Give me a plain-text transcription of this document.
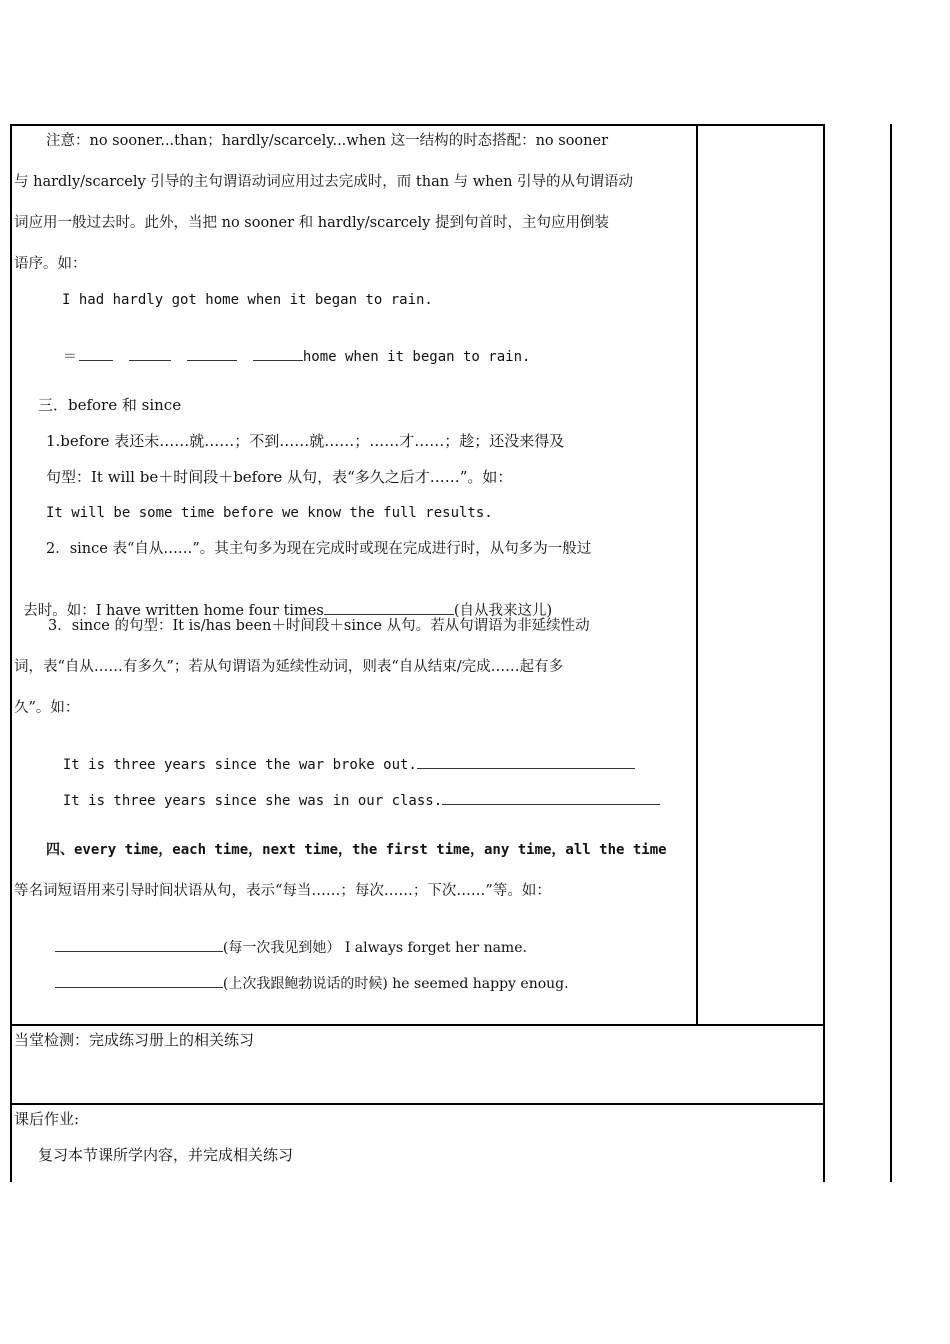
注意：no sooner...than；hardly/scarcely...when 这一结构的时态搭配：no sooner
与 hardly/scarcely 引导的主句谓语动词应用过去完成时，而 than 与 when 引导的从句谓语动
词应用一般过去时。此外，当把 no sooner 和 hardly/scarcely 提到句首时，主句应用倒装
语序。如：
I had hardly got home when it began to rain.

＝	home when it began to rain.

三．before 和 since
1.before 表还未……就……；不到……就……；……才……；趁；还没来得及
句型：It will be＋时间段＋before 从句，表“多久之后才……”。如：
It will be some time before we know the full results.
2．since 表“自从……”。其主句多为现在完成时或现在完成进行时，从句多为一般过

去时。如：I have written home four times	(自从我来这儿)

3．since 的句型：It is/has been＋时间段＋since 从句。若从句谓语为非延续性动
词，表“自从……有多久”；若从句谓语为延续性动词，则表“自从结束/完成……起有多
久”。如：

It is three years since the war broke out.

It is three years since she was in our class.

四、every time，each time，next time，the first time，any time，all the time
等名词短语用来引导时间状语从句，表示“每当……；每次……；下次……”等。如：

(每一次我见到她） I always forget her name.

(上次我跟鲍勃说话的时候) he seemed happy enoug.

当堂检测：完成练习册上的相关练习
课后作业:
复习本节课所学内容，并完成相关练习
